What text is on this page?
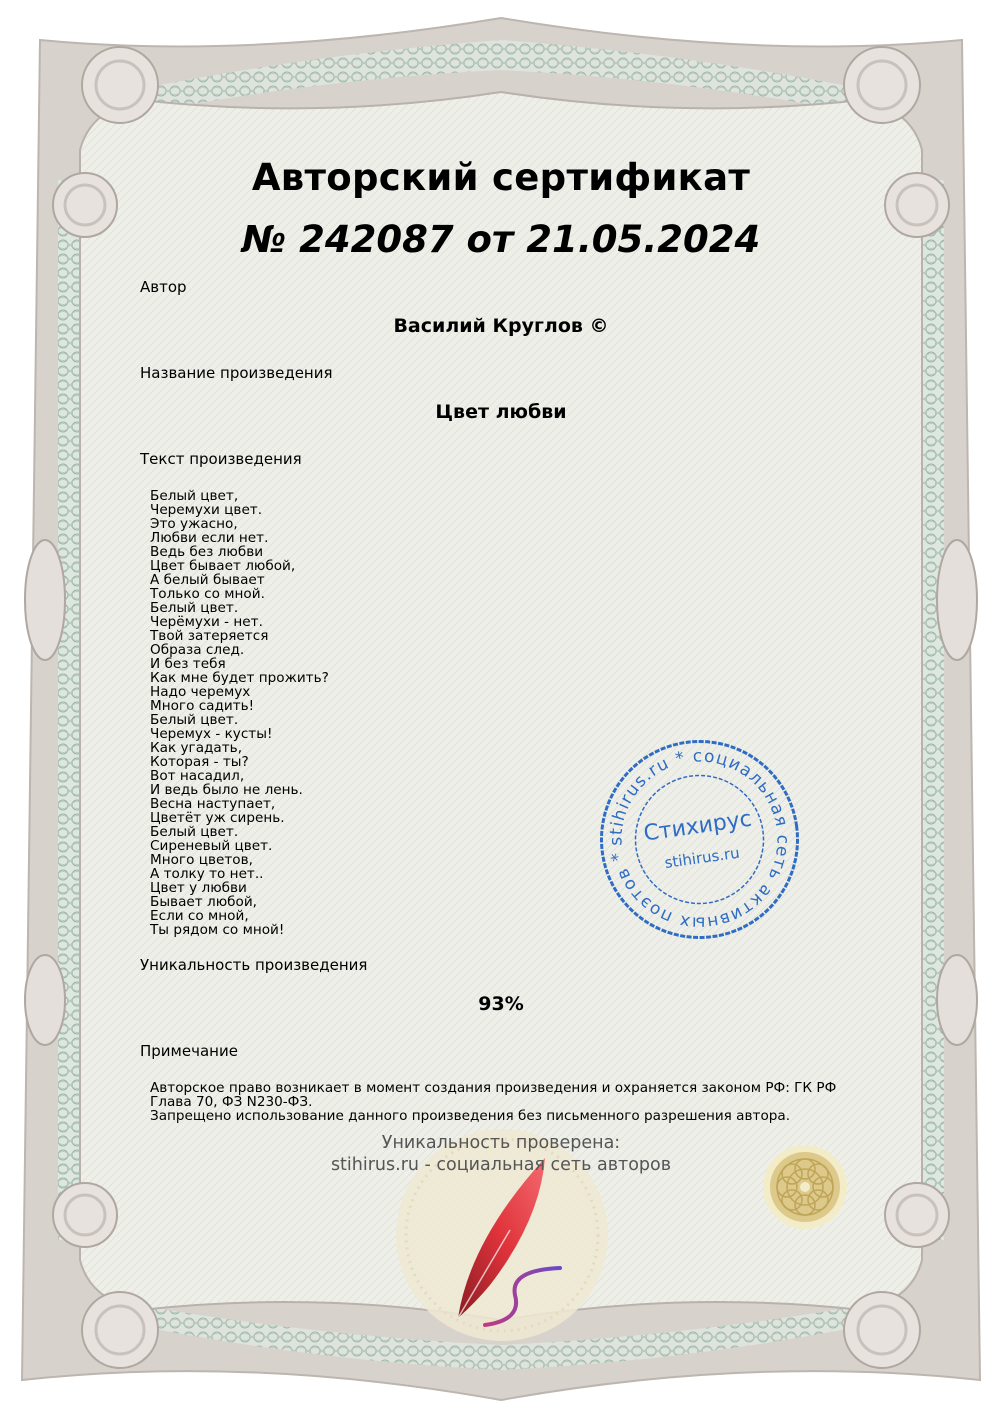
Авторский сертификат
№ 242087 от 21.05.2024
Автор
Василий Круглов ©
Название произведения
Цвет любви
Текст произведения
Белый цвет,
Черемухи цвет.
Это ужасно,
Любви если нет.
Ведь без любви
Цвет бывает любой,
А белый бывает
Только со мной.
Белый цвет.
Черёмухи - нет.
Твой затеряется
Образа след.
И без тебя
Как мне будет прожить?
Надо черемух
Много садить!
Белый цвет.
Черемух - кусты!
Как угадать,
Которая - ты?
Вот насадил,
И ведь было не лень.
Весна наступает,
Цветёт уж сирень.
Белый цвет.
Сиреневый цвет.
Много цветов,
А толку то нет..
Цвет у любви
Бывает любой,
Если со мной,
Ты рядом со мной!
Уникальность произведения
93%
Примечание
Авторское право возникает в момент создания произведения и охраняется законом РФ: ГК РФ Глава 70, ФЗ N230-ФЗ.
Запрещено использование данного произведения без письменного разрешения автора.
Уникальность проверена:
stihirus.ru - социальная сеть авторов
stihirus.ru * социальная сеть активных поэтов *
Стихирус
stihirus.ru
